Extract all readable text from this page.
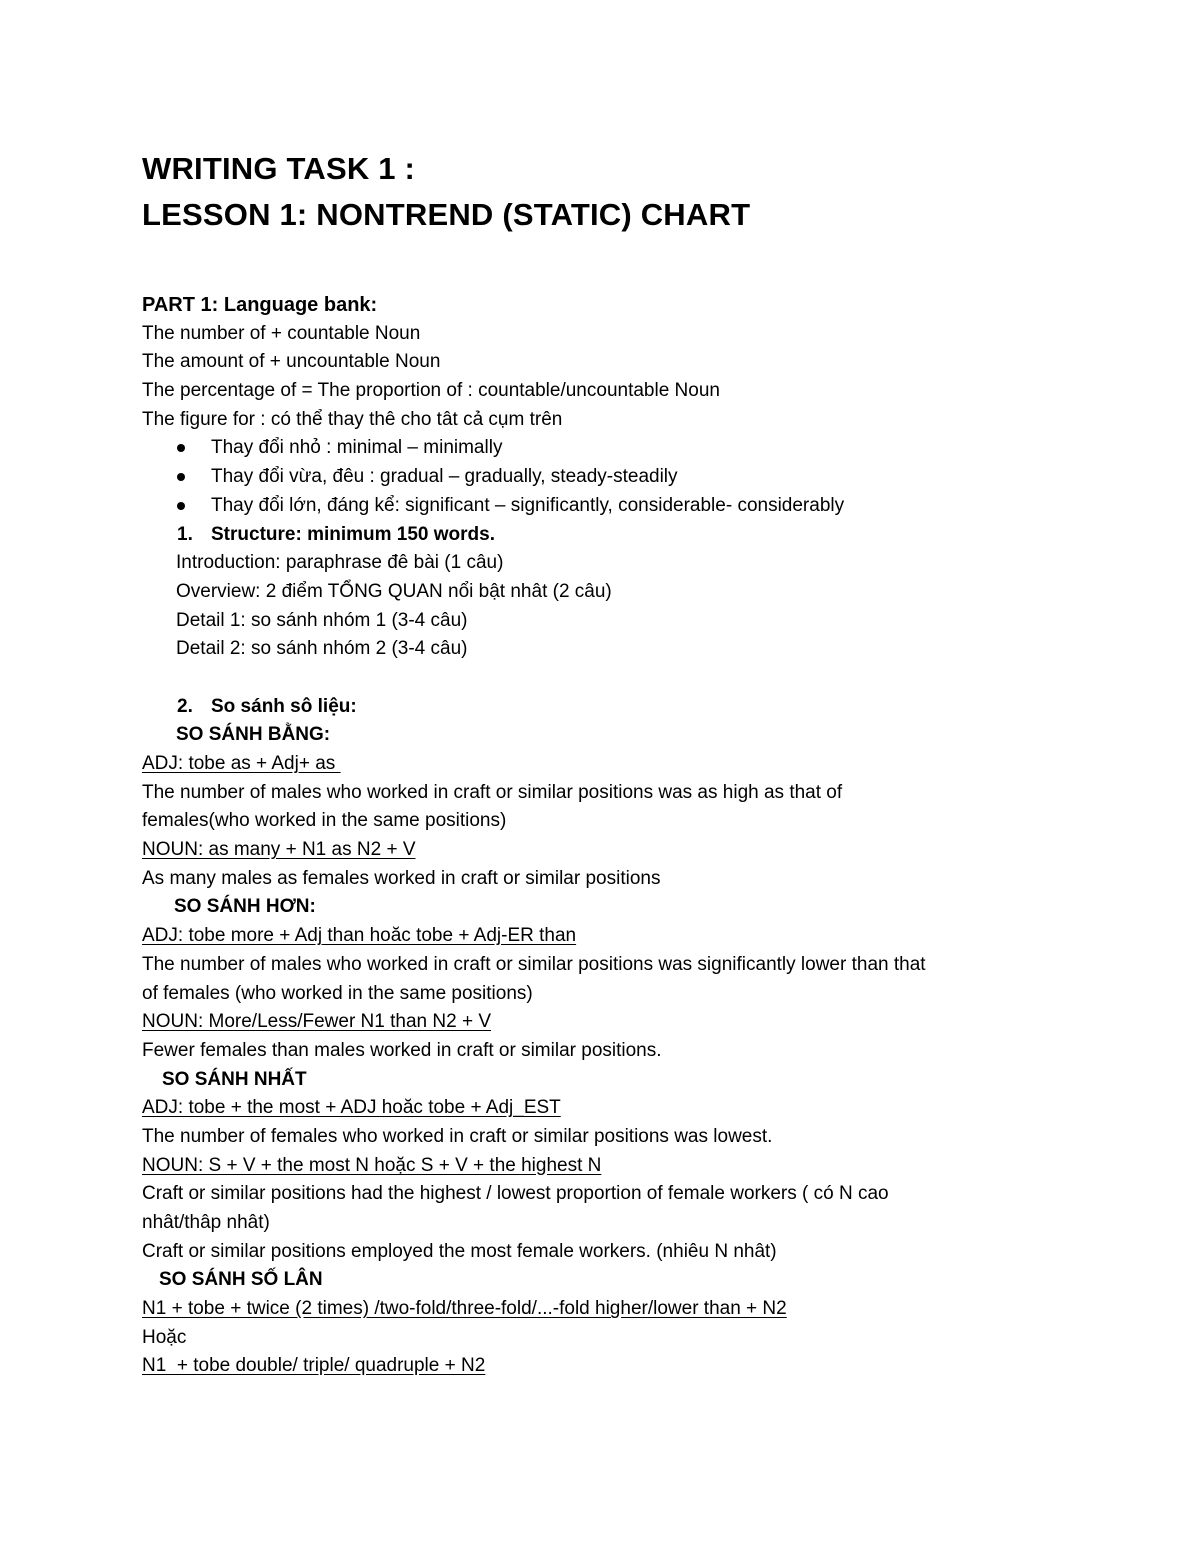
WRITING TASK 1 :
LESSON 1: NONTREND (STATIC) CHART
PART 1: Language bank:
The number of + countable Noun
The amount of + uncountable Noun
The percentage of = The proportion of : countable/uncountable Noun
The figure for : có thể thay thê cho tât cả cụm trên
Thay đổi nhỏ : minimal – minimally
Thay đổi vừa, đêu : gradual – gradually, steady-steadily
Thay đổi lớn, đáng kể: significant – significantly, considerable- considerably
1. Structure: minimum 150 words.
Introduction: paraphrase đê bài (1 câu)
Overview: 2 điểm TỔNG QUAN nổi bật nhât (2 câu)
Detail 1: so sánh nhóm 1 (3-4 câu)
Detail 2: so sánh nhóm 2 (3-4 câu)
2. So sánh sô liệu:
SO SÁNH BẰNG:
ADJ: tobe as + Adj+ as
The number of males who worked in craft or similar positions was as high as that of
females(who worked in the same positions)
NOUN: as many + N1 as N2 + V
As many males as females worked in craft or similar positions
SO SÁNH HƠN:
ADJ: tobe more + Adj than hoăc tobe + Adj-ER than
The number of males who worked in craft or similar positions was significantly lower than that
of females (who worked in the same positions)
NOUN: More/Less/Fewer N1 than N2 + V
Fewer females than males worked in craft or similar positions.
SO SÁNH NHẤT
ADJ: tobe + the most + ADJ hoăc tobe + Adj_EST
The number of females who worked in craft or similar positions was lowest.
NOUN: S + V + the most N hoặc S + V + the highest N
Craft or similar positions had the highest / lowest proportion of female workers ( có N cao
nhât/thâp nhât)
Craft or similar positions employed the most female workers. (nhiêu N nhât)
SO SÁNH SỐ LÂN
N1 + tobe + twice (2 times) /two-fold/three-fold/...-fold higher/lower than + N2
Hoặc
N1  + tobe double/ triple/ quadruple + N2
